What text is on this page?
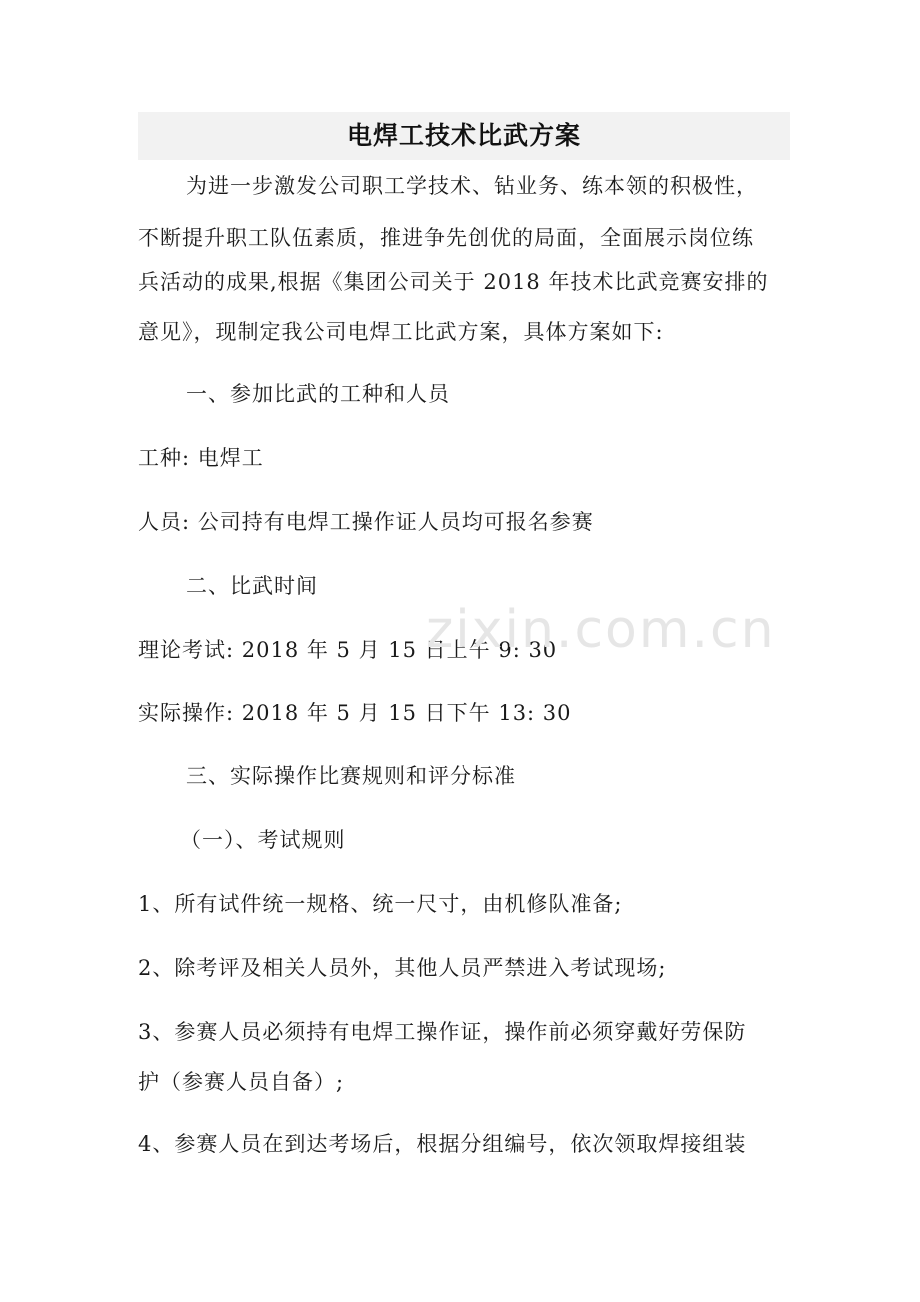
电焊工技术比武方案
为进一步激发公司职工学技术、钻业务、练本领的积极性，
不断提升职工队伍素质，推进争先创优的局面，全面展示岗位练
兵活动的成果,根据《集团公司关于 2018 年技术比武竞赛安排的
意见》，现制定我公司电焊工比武方案，具体方案如下:
一、参加比武的工种和人员
工种: 电焊工
人员: 公司持有电焊工操作证人员均可报名参赛
二、比武时间
理论考试: 2018 年 5 月 15 日上午 9: 30
实际操作: 2018 年 5 月 15 日下午 13: 30
三、实际操作比赛规则和评分标准
（一）、考试规则
1、所有试件统一规格、统一尺寸，由机修队准备;
2、除考评及相关人员外，其他人员严禁进入考试现场;
3、参赛人员必须持有电焊工操作证，操作前必须穿戴好劳保防
护（参赛人员自备）;
4、参赛人员在到达考场后，根据分组编号，依次领取焊接组装
zixin.com.cn
